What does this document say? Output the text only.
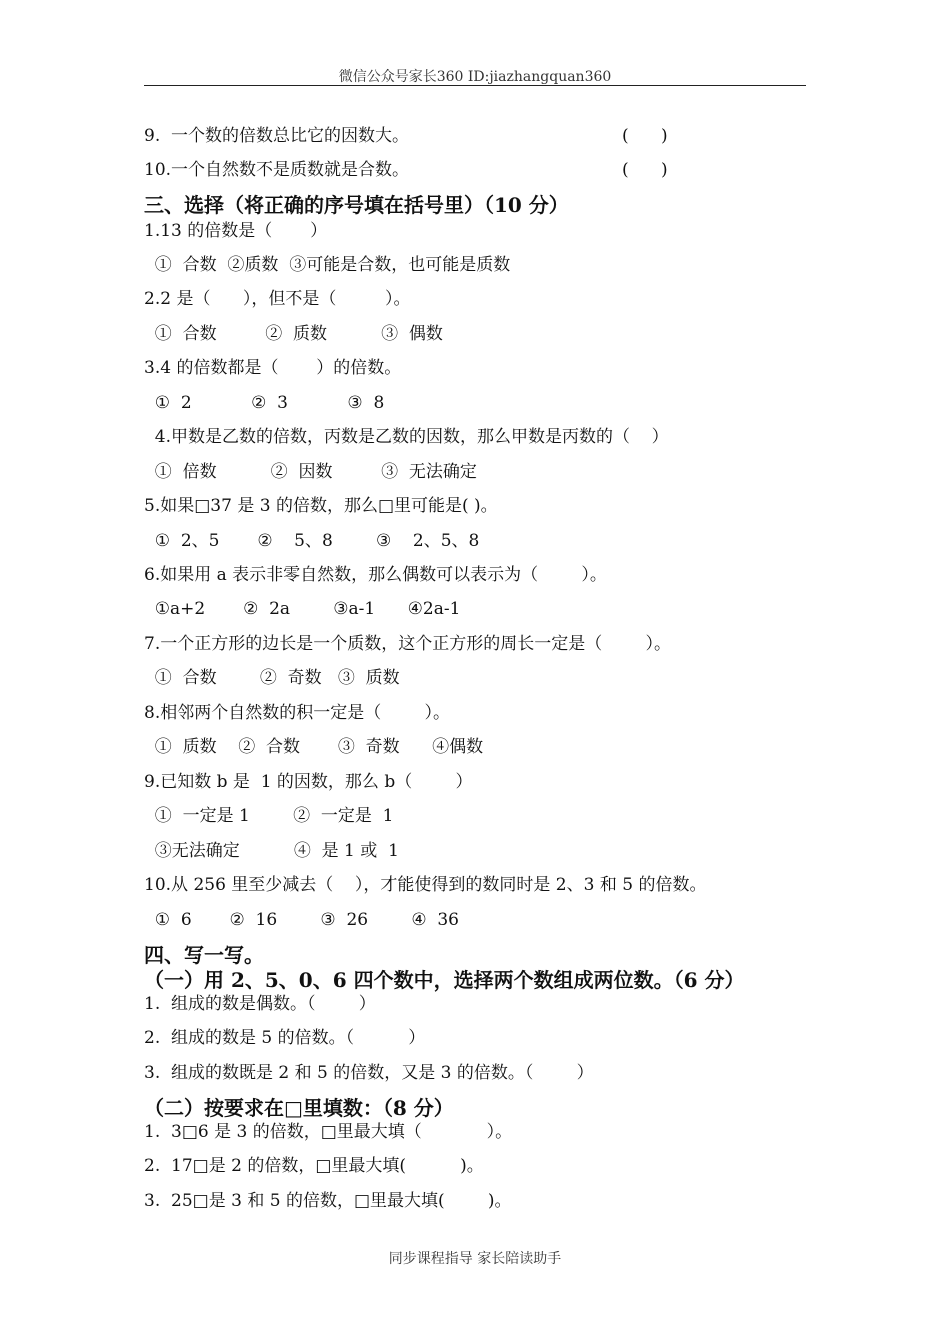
微信公众号家长360 ID:jiazhangquan360
9.  一个数的倍数总比它的因数大。	(      )
10.一个自然数不是质数就是合数。	(      )
三、选择（将正确的序号填在括号里）（10 分）
1.13 的倍数是（       ）
①  合数  ②质数  ③可能是合数，也可能是质数
2.2 是（      ），但不是（         ）。
①  合数         ②  质数          ③  偶数
3.4 的倍数都是（       ）的倍数。
①  2           ②  3           ③  8
4.甲数是乙数的倍数，丙数是乙数的因数，那么甲数是丙数的（    ）
①  倍数          ②  因数         ③  无法确定
5.如果□37 是 3 的倍数，那么□里可能是( )。
①  2、5       ②    5、8        ③    2、5、8
6.如果用 a 表示非零自然数，那么偶数可以表示为（        ）。
①a+2       ②  2a        ③a-1      ④2a-1
7.一个正方形的边长是一个质数，这个正方形的周长一定是（        ）。
①  合数        ②  奇数   ③  质数
8.相邻两个自然数的积一定是（        ）。
①  质数    ②  合数       ③  奇数      ④偶数
9.已知数 b 是  1 的因数，那么 b（        ）
①  一定是 1        ②  一定是  1
③无法确定          ④  是 1 或  1
10.从 256 里至少减去（    ），才能使得到的数同时是 2、3 和 5 的倍数。
①  6       ②  16        ③  26        ④  36
四、写一写。
（一）用 2、5、0、6 四个数中，选择两个数组成两位数。（6 分）
1.  组成的数是偶数。（        ）
2.  组成的数是 5 的倍数。（          ）
3.  组成的数既是 2 和 5 的倍数，又是 3 的倍数。（        ）
（二）按要求在□里填数：（8 分）
1.  3□6 是 3 的倍数，□里最大填（            ）。
2.  17□是 2 的倍数，□里最大填(          )。
3.  25□是 3 和 5 的倍数，□里最大填(        )。
同步课程指导 家长陪读助手
